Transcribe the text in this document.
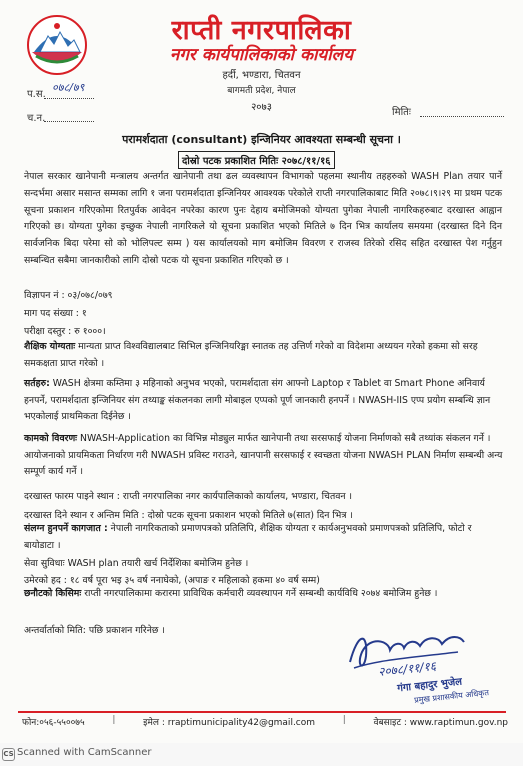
राप्ती नगरपालिका
नगर कार्यपालिकाको कार्यालय
हर्दी, भण्डारा, चितवन
बागमती प्रदेश, नेपाल
२०७३
प.स.
०७८/७९
च.न.
मितिः
परामर्शदाता (consultant) इन्जिनियर आवश्यता सम्बन्धी सूचना ।
दोस्रो पटक प्रकाशित मितिः २०७८/११/१६
नेपाल सरकार खानेपानी मन्त्रालय अन्तर्गत खानेपानी तथा ढल व्यवस्थापन विभागको पहलमा स्थानीय तहहरुको WASH Plan तयार पार्ने सन्दर्भमा असार मसान्त सम्मका लागि १ जना परामर्शदाता इन्जिनियर आवश्यक परेकोले राप्ती नगरपालिकाबाट मिति २०७८।९।२९ मा प्रथम पटक सूचना प्रकाशन गरिएकोमा रितपुर्वक आवेदन नपरेका कारण पुनः देहाय बमोजिमको योग्यता पुगेका नेपाली नागरिकहरुबाट दरखास्त आह्वान गरिएको छ। योग्यता पुगेका इच्छुक नेपाली नागरिकले यो सूचना प्रकाशित भएको मितिले ७ दिन भित्र कार्यालय समयमा (दरखास्त दिने दिन सार्वजनिक बिदा परेमा सो को भोलिपल्ट सम्म ) यस कार्यालयको माग बमोजिम विवरण र राजस्व तिरेको रसिद सहित दरखास्त पेश गर्नुहुन सम्बन्धित सबैमा जानकारीको लागि दोस्रो पटक यो सूचना प्रकाशित गरिएको छ ।
विज्ञापन नं : ०३/०७८/०७९
माग पद संख्या : १
परीक्षा दस्तुर : रु १०००।
शैक्षिक योग्यताः मान्यता प्राप्त विश्वविद्यालबाट सिभिल इन्जिनियरिङ्मा स्नातक तह उत्तिर्ण गरेको वा विदेशमा अध्ययन गरेको हकमा सो सरह समकक्षता प्राप्त गरेको ।
सर्तहरु: WASH क्षेत्रमा कम्तिमा ३ महिनाको अनुभव भएको, परामर्शदाता संग आफ्नो Laptop र Tablet वा Smart Phone अनिवार्य हनपर्ने, परामर्शदाता इन्जिनियर संग तथ्याङ्क संकलनका लागी मोबाइल एप्पको पूर्ण जानकारी हनपर्ने । NWASH-IIS एप्प प्रयोग सम्बन्धि ज्ञान भएकोलाई प्राथमिकता दिईनेछ ।
कामको विवरणः NWASH-Application का विभिन्न मोड्युल मार्फत खानेपानी तथा सरसफाई योजना निर्माणको सबै तथ्यांक संकलन गर्ने । आयोजनाको प्रायमिकता निर्धारण गरी NWASH प्रविस्ट गराउने, खानपानी सरसफाई र स्वच्छता योजना NWASH PLAN निर्माण सम्बन्धी अन्य सम्पूर्ण कार्य गर्ने ।
दरखास्त फारम पाइने स्थान : राप्ती नगरपालिका नगर कार्यपालिकाको कार्यालय, भण्डारा, चितवन ।
दरखास्त दिने स्थान र अन्तिम मिति : दोस्रो पटक सूचना प्रकाशन भएको मितिले ७(सात) दिन भित्र ।
संलग्न हुनपर्ने कागजात : नेपाली नागरिकताको प्रमाणपत्रको प्रतिलिपि, शैक्षिक योग्यता र कार्यअनुभवको प्रमाणपत्रको प्रतिलिपि, फोटो र बायोडाटा ।
सेवा सुविधाः WASH plan तयारी खर्च निर्देशिका बमोजिम हुनेछ ।
उमेरको हद : १८ वर्ष पूरा भइ ३५ वर्ष ननाघेको, (अपाङ र महिलाको हकमा ४० वर्ष सम्म)
छनौटको किसिमः राप्ती नगरपालिकामा करारमा प्राविधिक कर्मचारी व्यवस्थापन गर्ने सम्बन्धी कार्यविधि २०७४ बमोजिम हुनेछ ।
अन्तर्वार्ताको मिति: पछि प्रकाशन गरिनेछ ।
२०७८/११/१६
गंगा बहादुर भुजेल
प्रमुख प्रशासकीय अधिकृत
फोन:०५६-५५००७५	|	इमेल : rraptimunicipality42@gmail.com	|	वेबसाइट : www.raptimun.gov.np
CS Scanned with CamScanner
